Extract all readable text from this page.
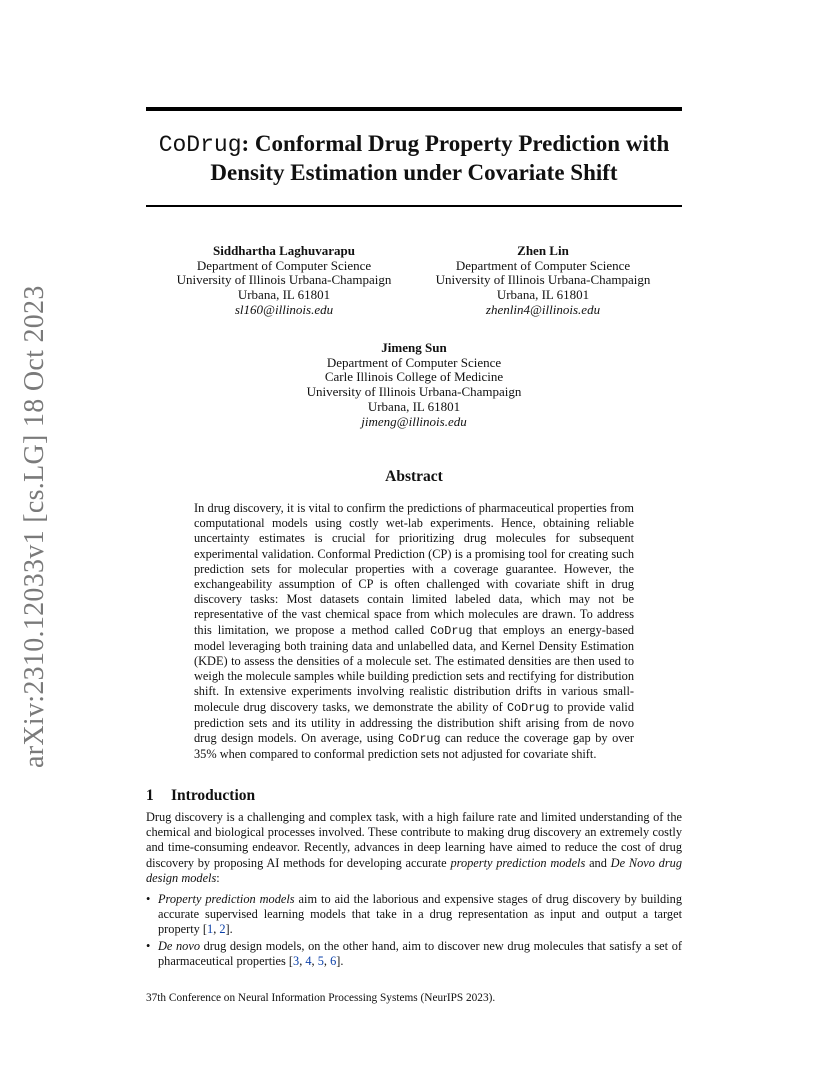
arXiv:2310.12033v1 [cs.LG] 18 Oct 2023
CoDrug: Conformal Drug Property Prediction with
Density Estimation under Covariate Shift
Siddhartha Laghuvarapu
Department of Computer Science
University of Illinois Urbana-Champaign
Urbana, IL 61801
sl160@illinois.edu
Zhen Lin
Department of Computer Science
University of Illinois Urbana-Champaign
Urbana, IL 61801
zhenlin4@illinois.edu
Jimeng Sun
Department of Computer Science
Carle Illinois College of Medicine
University of Illinois Urbana-Champaign
Urbana, IL 61801
jimeng@illinois.edu
Abstract
In drug discovery, it is vital to confirm the predictions of pharmaceutical properties from computational models using costly wet-lab experiments. Hence, obtaining reliable uncertainty estimates is crucial for prioritizing drug molecules for subsequent experimental validation. Conformal Prediction (CP) is a promising tool for creating such prediction sets for molecular properties with a coverage guarantee. However, the exchangeability assumption of CP is often challenged with covariate shift in drug discovery tasks: Most datasets contain limited labeled data, which may not be representative of the vast chemical space from which molecules are drawn. To address this limitation, we propose a method called CoDrug that employs an energy-based model leveraging both training data and unlabelled data, and Kernel Density Estimation (KDE) to assess the densities of a molecule set. The estimated densities are then used to weigh the molecule samples while building prediction sets and rectifying for distribution shift. In extensive experiments involving realistic distribution drifts in various small-molecule drug discovery tasks, we demonstrate the ability of CoDrug to provide valid prediction sets and its utility in addressing the distribution shift arising from de novo drug design models. On average, using CoDrug can reduce the coverage gap by over 35% when compared to conformal prediction sets not adjusted for covariate shift.
1 Introduction
Drug discovery is a challenging and complex task, with a high failure rate and limited understanding of the chemical and biological processes involved. These contribute to making drug discovery an extremely costly and time-consuming endeavor. Recently, advances in deep learning have aimed to reduce the cost of drug discovery by proposing AI methods for developing accurate property prediction models and De Novo drug design models:
• Property prediction models aim to aid the laborious and expensive stages of drug discovery by building accurate supervised learning models that take in a drug representation as input and output a target property [1, 2].
• De novo drug design models, on the other hand, aim to discover new drug molecules that satisfy a set of pharmaceutical properties [3, 4, 5, 6].
37th Conference on Neural Information Processing Systems (NeurIPS 2023).
